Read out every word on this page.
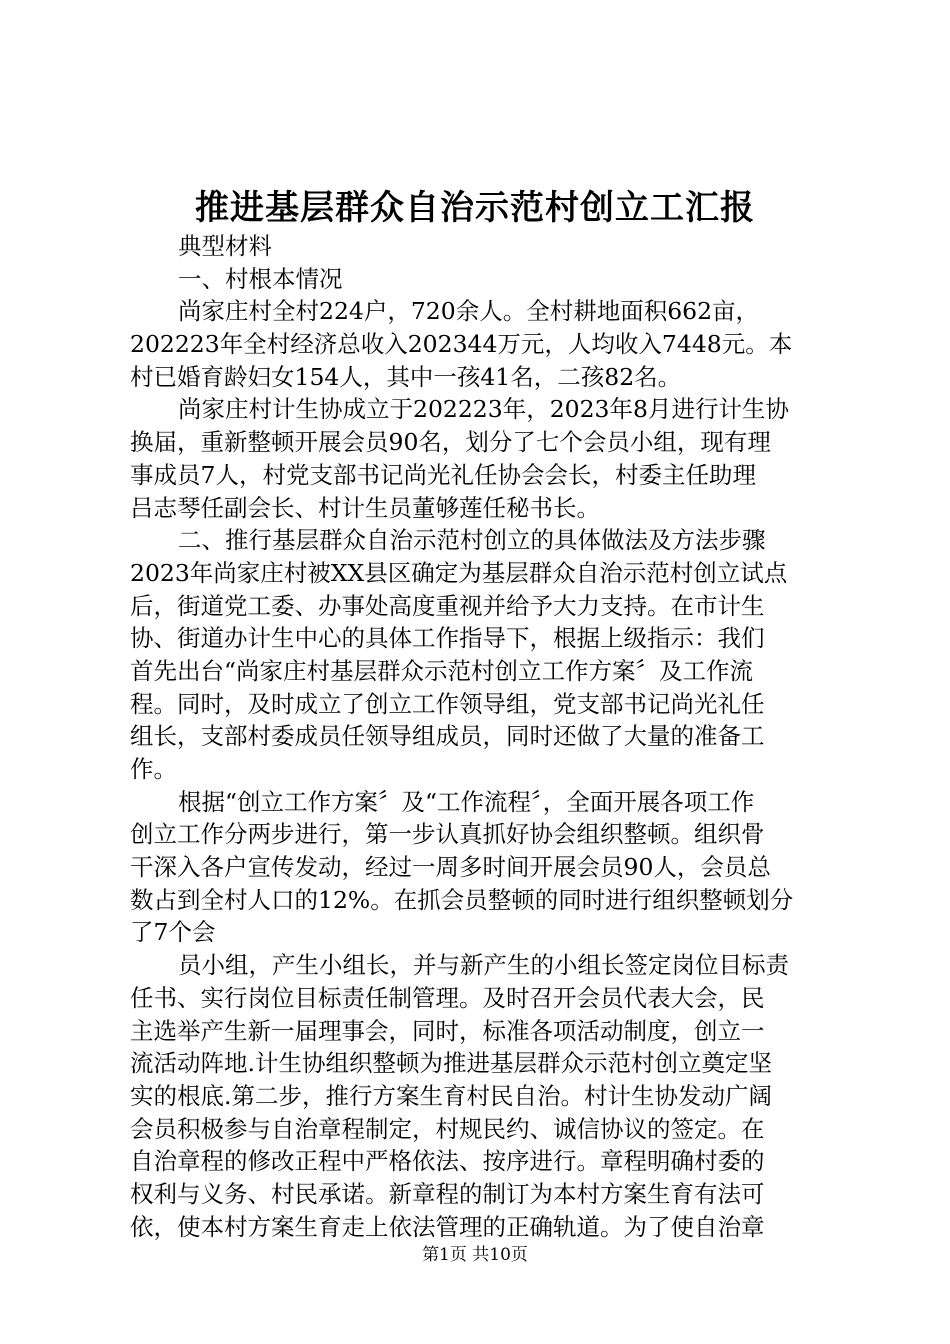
推进基层群众自治示范村创立工汇报
典型材料
一、村根本情况
尚家庄村全村224户，720余人。全村耕地面积662亩，
202223年全村经济总收入202344万元，人均收入7448元。本
村已婚育龄妇女154人，其中一孩41名，二孩82名。
尚家庄村计生协成立于202223年，2023年8月进行计生协
换届，重新整顿开展会员90名，划分了七个会员小组，现有理
事成员7人，村党支部书记尚光礼任协会会长，村委主任助理
吕志琴任副会长、村计生员董够莲任秘书长。
二、推行基层群众自治示范村创立的具体做法及方法步骤
2023年尚家庄村被XX县区确定为基层群众自治示范村创立试点
后，街道党工委、办事处高度重视并给予大力支持。在市计生
协、街道办计生中心的具体工作指导下，根据上级指示：我们
首先出台“尚家庄村基层群众示范村创立工作方案〞及工作流
程。同时，及时成立了创立工作领导组，党支部书记尚光礼任
组长，支部村委成员任领导组成员，同时还做了大量的准备工
作。
根据“创立工作方案〞及“工作流程〞，全面开展各项工作
创立工作分两步进行，第一步认真抓好协会组织整顿。组织骨
干深入各户宣传发动，经过一周多时间开展会员90人，会员总
数占到全村人口的12%。在抓会员整顿的同时进行组织整顿划分
了7个会
员小组，产生小组长，并与新产生的小组长签定岗位目标责
任书、实行岗位目标责任制管理。及时召开会员代表大会，民
主选举产生新一届理事会，同时，标准各项活动制度，创立一
流活动阵地.计生协组织整顿为推进基层群众示范村创立奠定坚
实的根底.第二步，推行方案生育村民自治。村计生协发动广阔
会员积极参与自治章程制定，村规民约、诚信协议的签定。在
自治章程的修改正程中严格依法、按序进行。章程明确村委的
权利与义务、村民承诺。新章程的制订为本村方案生育有法可
依，使本村方案生育走上依法管理的正确轨道。为了使自治章
第1页 共10页
